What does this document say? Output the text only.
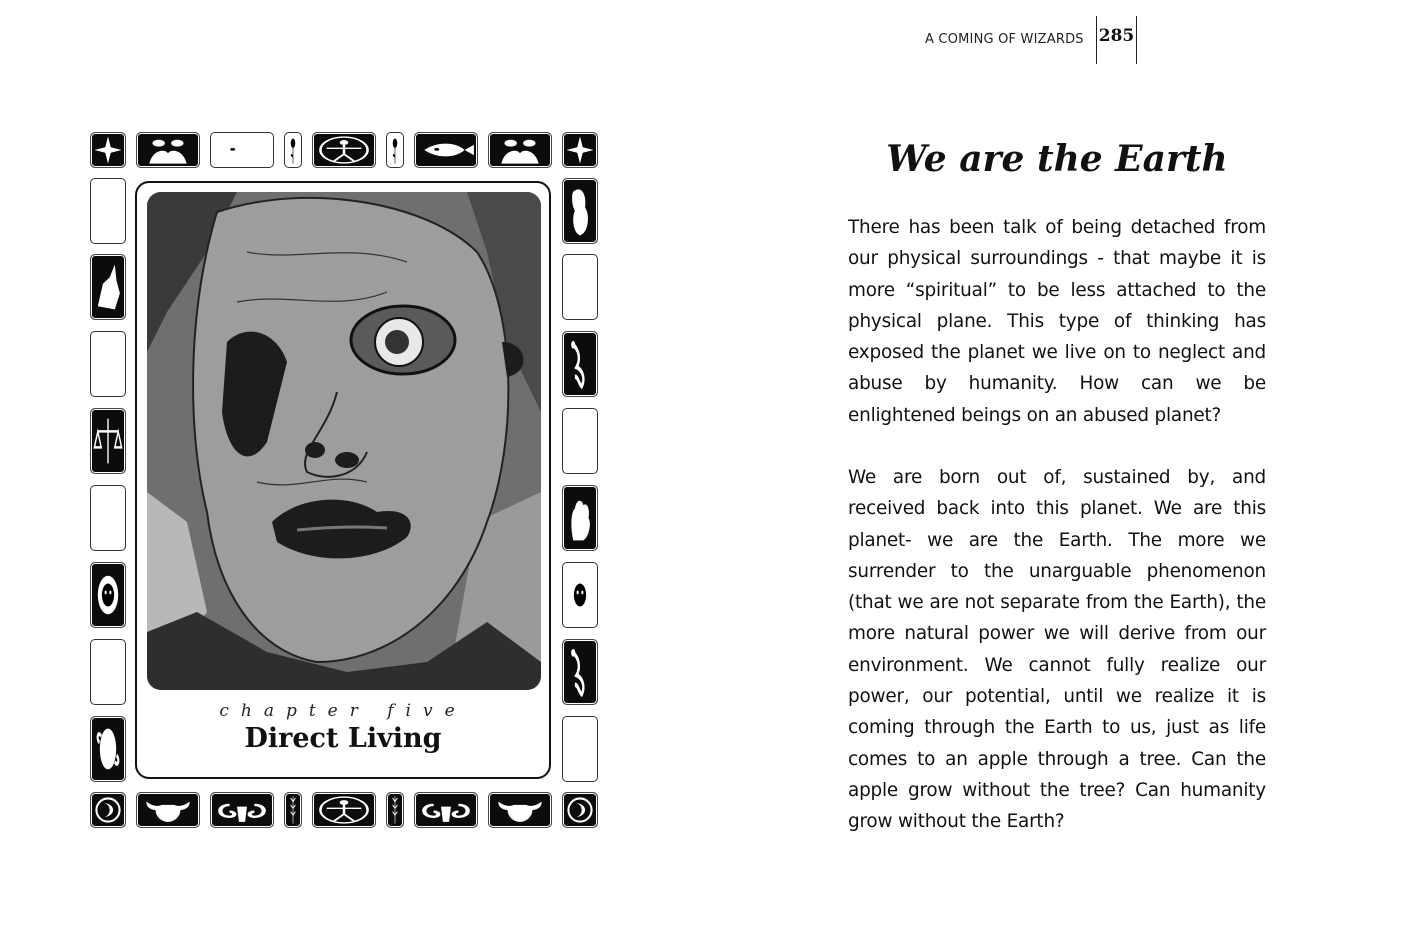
A COMING OF WIZARDS 285
chapter five
Direct Living
We are the Earth

There has been talk of being detached from our physical surroundings - that maybe it is more “spiritual” to be less attached to the physical plane. This type of thinking has exposed the planet we live on to neglect and abuse by humanity. How can we be enlightened beings on an abused planet?

We are born out of, sustained by, and received back into this planet. We are this planet- we are the Earth. The more we surrender to the unarguable phenomenon (that we are not separate from the Earth), the more natural power we will derive from our environment. We cannot fully realize our power, our potential, until we realize it is coming through the Earth to us, just as life comes to an apple through a tree. Can the apple grow without the tree? Can humanity grow without the Earth?
